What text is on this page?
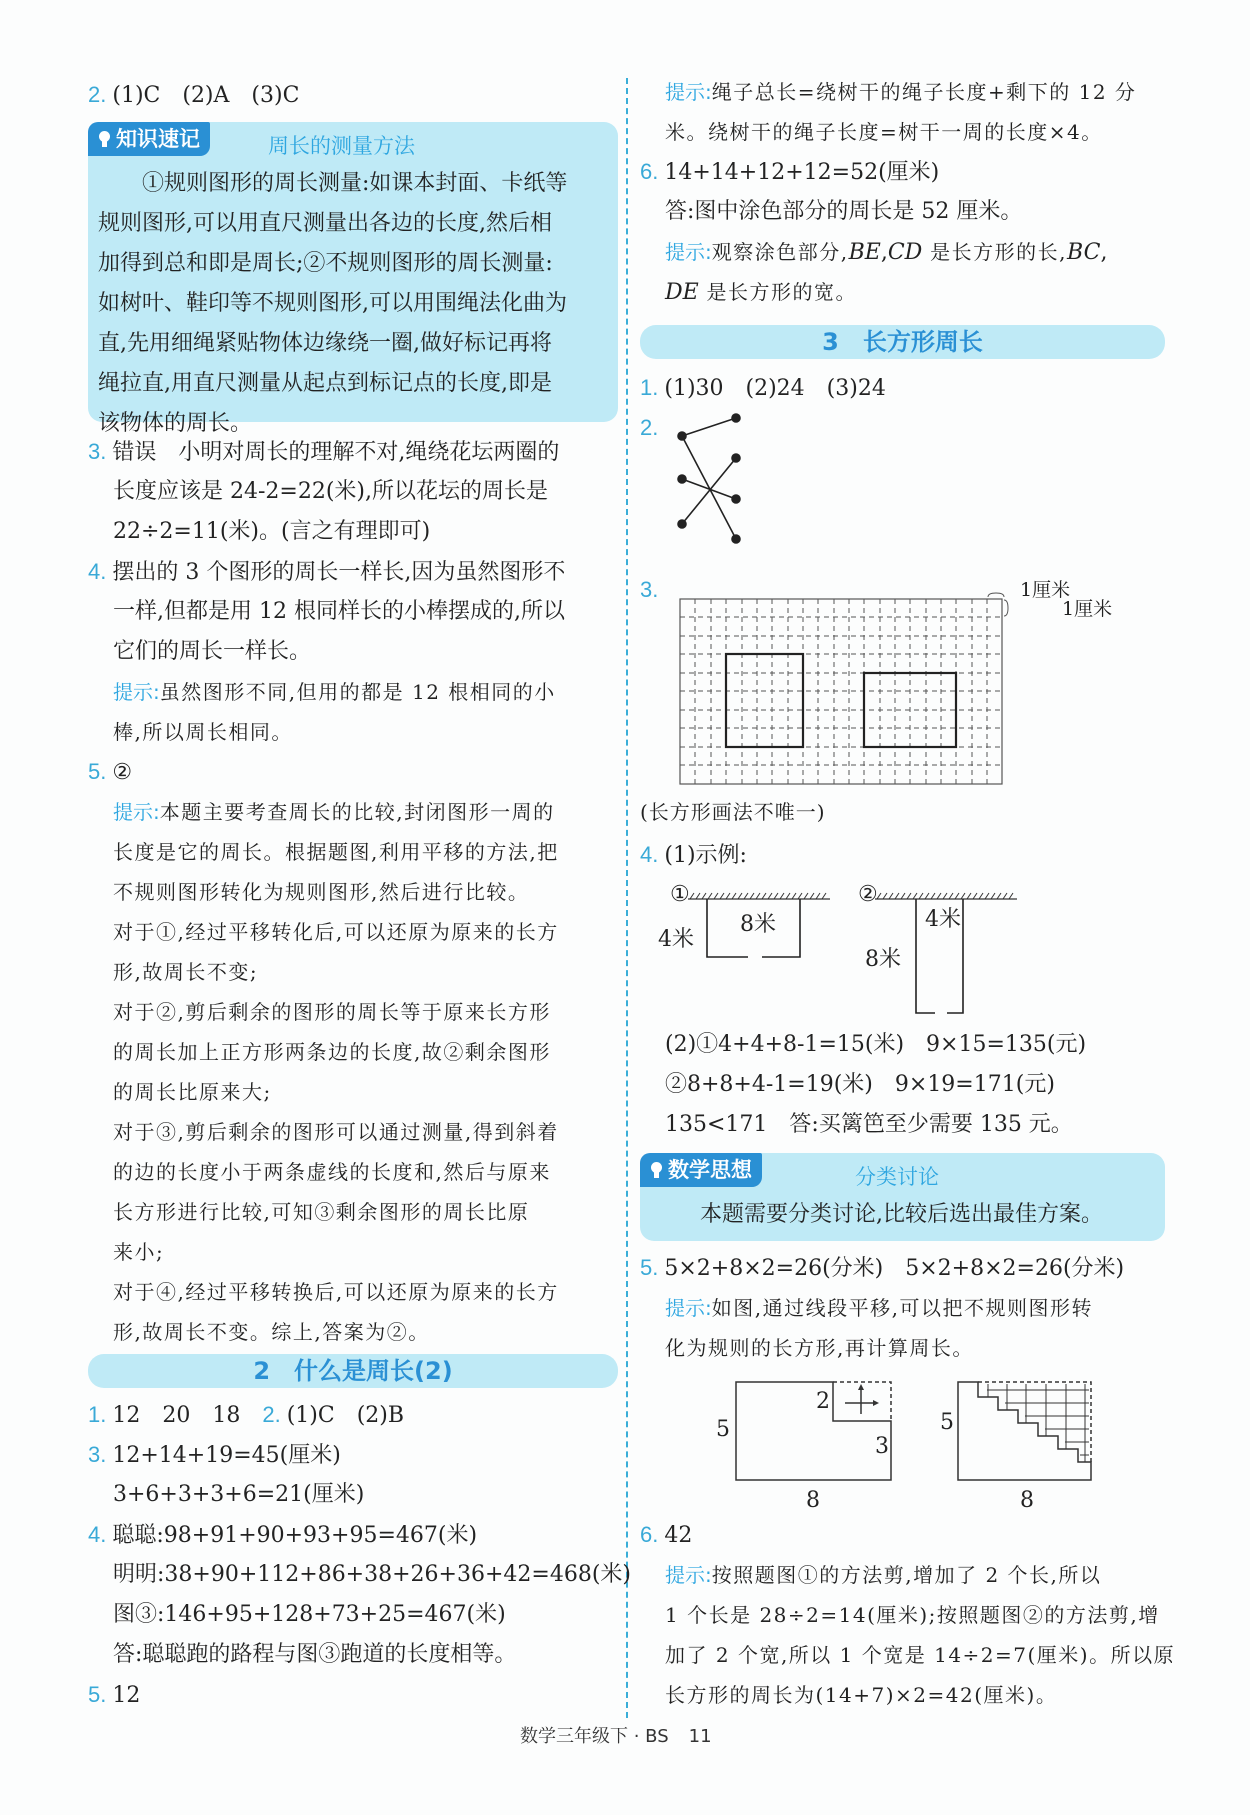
2. (1)C　(2)A　(3)C
知识速记	周长的测量方法
　　①规则图形的周长测量:如课本封面、卡纸等
规则图形,可以用直尺测量出各边的长度,然后相
加得到总和即是周长;②不规则图形的周长测量:
如树叶、鞋印等不规则图形,可以用围绳法化曲为
直,先用细绳紧贴物体边缘绕一圈,做好标记再将
绳拉直,用直尺测量从起点到标记点的长度,即是
该物体的周长。
3. 错误　小明对周长的理解不对,绳绕花坛两圈的
长度应该是 24-2=22(米),所以花坛的周长是
22÷2=11(米)。(言之有理即可)
4. 摆出的 3 个图形的周长一样长,因为虽然图形不
一样,但都是用 12 根同样长的小棒摆成的,所以
它们的周长一样长。
提示:虽然图形不同,但用的都是 12 根相同的小
棒,所以周长相同。
5. ②
提示:本题主要考查周长的比较,封闭图形一周的
长度是它的周长。根据题图,利用平移的方法,把
不规则图形转化为规则图形,然后进行比较。
对于①,经过平移转化后,可以还原为原来的长方
形,故周长不变;
对于②,剪后剩余的图形的周长等于原来长方形
的周长加上正方形两条边的长度,故②剩余图形
的周长比原来大;
对于③,剪后剩余的图形可以通过测量,得到斜着
的边的长度小于两条虚线的长度和,然后与原来
长方形进行比较,可知③剩余图形的周长比原
来小;
对于④,经过平移转换后,可以还原为原来的长方
形,故周长不变。综上,答案为②。
2　什么是周长(2)
1. 12　20　18　 2. (1)C　(2)B
3. 12+14+19=45(厘米)
3+6+3+3+6=21(厘米)
4. 聪聪:98+91+90+93+95=467(米)
明明:38+90+112+86+38+26+36+42=468(米)
图③:146+95+128+73+25=467(米)
答:聪聪跑的路程与图③跑道的长度相等。
5. 12
提示:绳子总长=绕树干的绳子长度+剩下的 12 分
米。绕树干的绳子长度=树干一周的长度×4。
6. 14+14+12+12=52(厘米)
答:图中涂色部分的周长是 52 厘米。
提示:观察涂色部分,BE,CD 是长方形的长,BC,
DE 是长方形的宽。
3　长方形周长
1. (1)30　(2)24　(3)24
2.
3.	1厘米
1厘米
(长方形画法不唯一)
4. (1)示例:
①	②
8米
4米
4米
8米
(2)①4+4+8-1=15(米)　9×15=135(元)
②8+8+4-1=19(米)　9×19=171(元)
135<171　答:买篱笆至少需要 135 元。
数学思想	分类讨论
本题需要分类讨论,比较后选出最佳方案。
5. 5×2+8×2=26(分米)　5×2+8×2=26(分米)
提示:如图,通过线段平移,可以把不规则图形转
化为规则的长方形,再计算周长。
5
8
2
3
5
8
6. 42
提示:按照题图①的方法剪,增加了 2 个长,所以
1 个长是 28÷2=14(厘米);按照题图②的方法剪,增
加了 2 个宽,所以 1 个宽是 14÷2=7(厘米)。所以原
长方形的周长为(14+7)×2=42(厘米)。
数学三年级下 · BS 11
